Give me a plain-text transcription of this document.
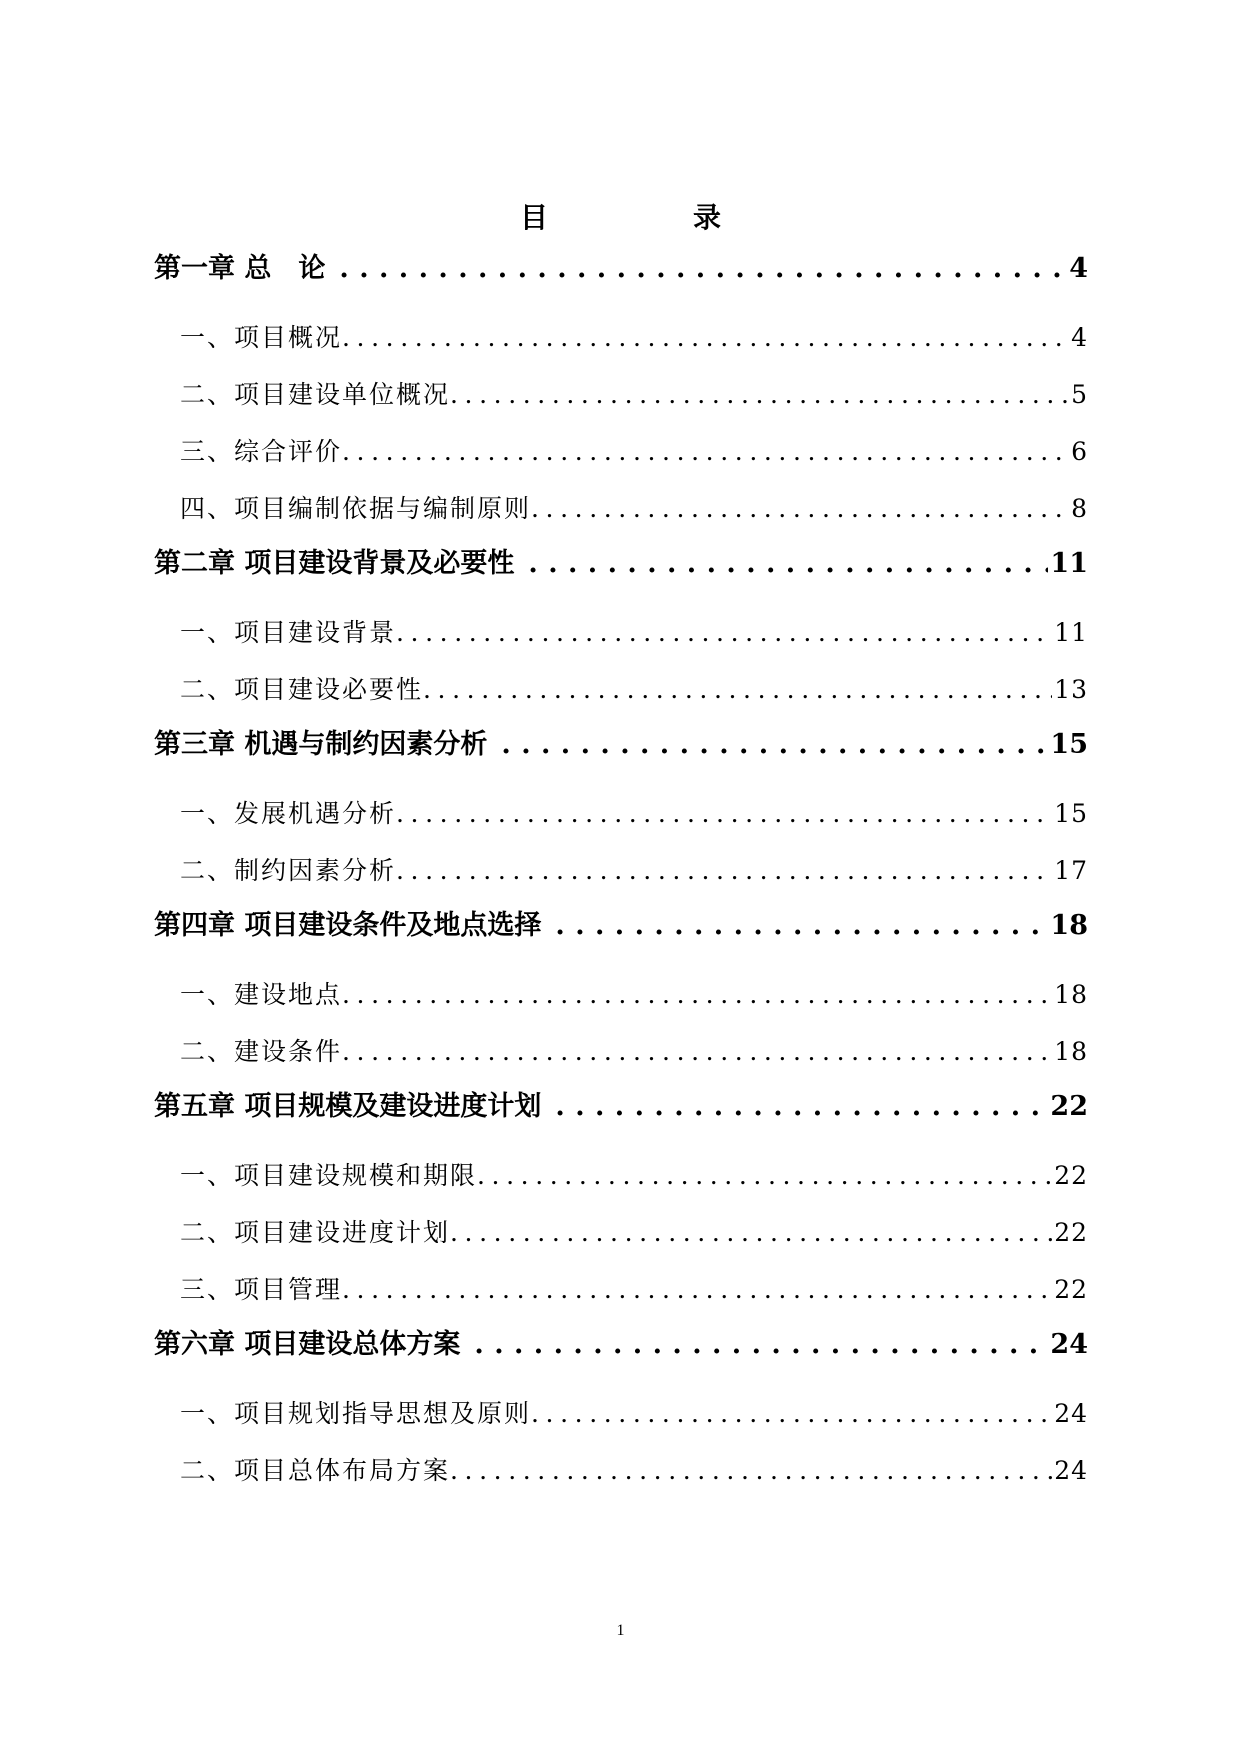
目	录
第一章 总　论 . . .	4
一、项目概况 .....	4
二、项目建设单位概况 .....	5
三、综合评价 .....	6
四、项目编制依据与编制原则 .....	8
第二章 项目建设背景及必要性 . . .	11
一、项目建设背景 .....	11
二、项目建设必要性 .....	13
第三章 机遇与制约因素分析 . . .	15
一、发展机遇分析 .....	15
二、制约因素分析 .....	17
第四章 项目建设条件及地点选择 . . .	18
一、建设地点 .....	18
二、建设条件 .....	18
第五章 项目规模及建设进度计划 . . .	22
一、项目建设规模和期限 .....	22
二、项目建设进度计划 .....	22
三、项目管理 .....	22
第六章 项目建设总体方案 . . .	24
一、项目规划指导思想及原则 .....	24
二、项目总体布局方案 .....	24
1
